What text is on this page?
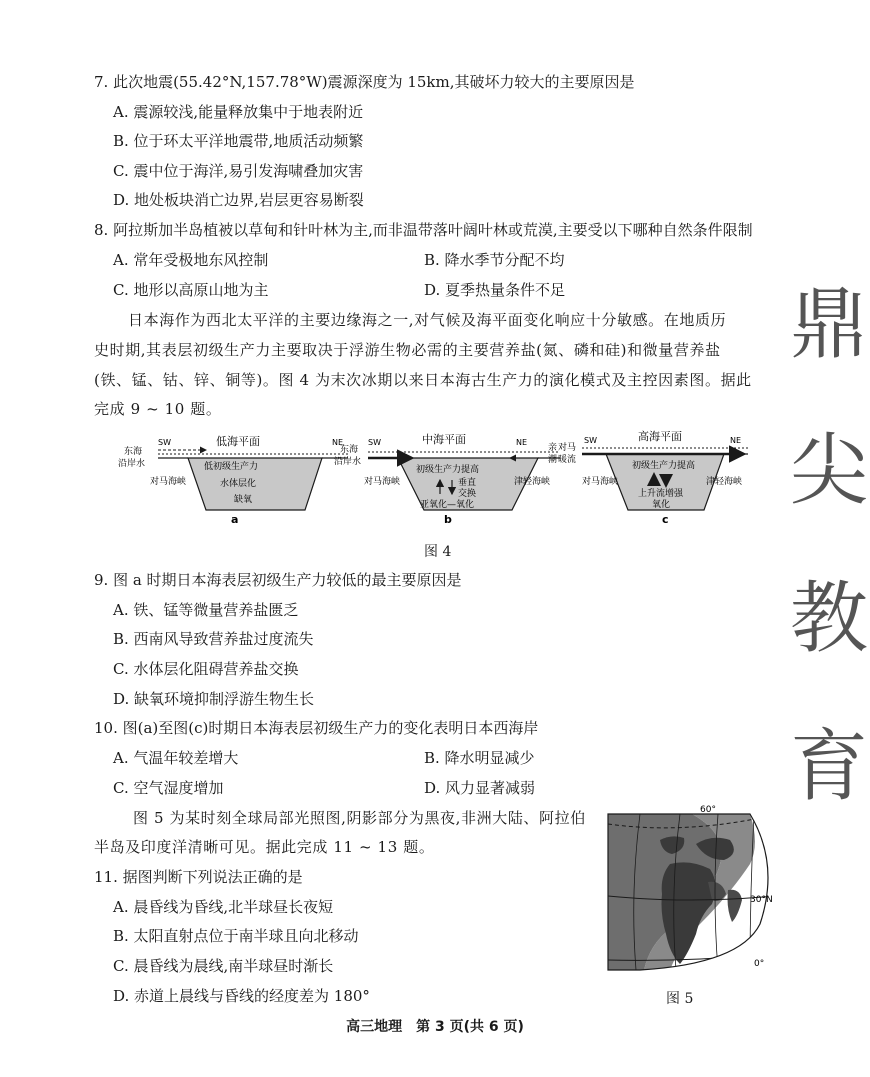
7. 此次地震(55.42°N,157.78°W)震源深度为 15km,其破坏力较大的主要原因是
A. 震源较浅,能量释放集中于地表附近
B. 位于环太平洋地震带,地质活动频繁
C. 震中位于海洋,易引发海啸叠加灾害
D. 地处板块消亡边界,岩层更容易断裂
8. 阿拉斯加半岛植被以草甸和针叶林为主,而非温带落叶阔叶林或荒漠,主要受以下哪种自然条件限制
A. 常年受极地东风控制	B. 降水季节分配不均
C. 地形以高原山地为主	D. 夏季热量条件不足
日本海作为西北太平洋的主要边缘海之一,对气候及海平面变化响应十分敏感。在地质历
史时期,其表层初级生产力主要取决于浮游生物必需的主要营养盐(氮、磷和硅)和微量营养盐
(铁、锰、钴、锌、铜等)。图 4 为末次冰期以来日本海古生产力的演化模式及主控因素图。据此
完成 9 ~ 10 题。
低海平面
SW	NE
东海
沿岸水	低初级生产力
水体层化
缺氧
对马海峡
a
中海平面
SW	NE
东海
沿岸水
亲
潮
初级生产力提高
垂直
交换
亚氧化—氧化
对马海峡	津轻海峡
b
高海平面
SW	NE
对马
暖流
初级生产力提高
上升流增强
氧化
对马海峡	津轻海峡
c
图 4
9. 图 a 时期日本海表层初级生产力较低的最主要原因是
A. 铁、锰等微量营养盐匮乏
B. 西南风导致营养盐过度流失
C. 水体层化阻碍营养盐交换
D. 缺氧环境抑制浮游生物生长
10. 图(a)至图(c)时期日本海表层初级生产力的变化表明日本西海岸
A. 气温年较差增大	B. 降水明显减少
C. 空气湿度增加	D. 风力显著减弱
图 5 为某时刻全球局部光照图,阴影部分为黑夜,非洲大陆、阿拉伯
半岛及印度洋清晰可见。据此完成 11 ~ 13 题。
11. 据图判断下列说法正确的是
A. 晨昏线为昏线,北半球昼长夜短
B. 太阳直射点位于南半球且向北移动
C. 晨昏线为晨线,南半球昼时渐长
D. 赤道上晨线与昏线的经度差为 180°
60°
30°N
0°
图 5
鼎
尖
教
育
高三地理　第 3 页(共 6 页)
